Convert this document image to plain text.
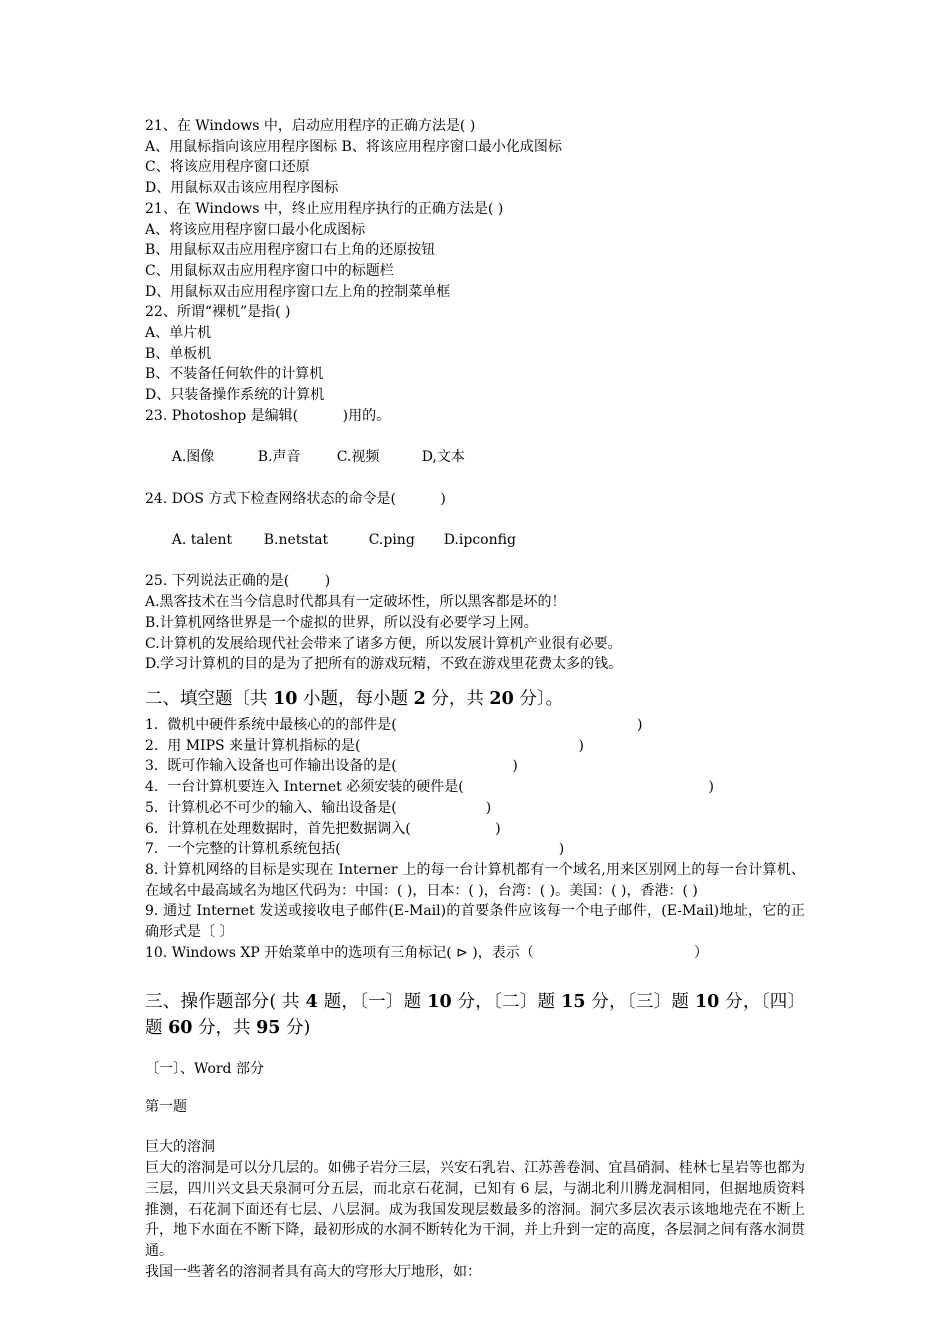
21、在 Windows 中，启动应用程序的正确方法是( )
A、用鼠标指向该应用程序图标 B、将该应用程序窗口最小化成图标
C、将该应用程序窗口还原
D、用鼠标双击该应用程序图标
21、在 Windows 中，终止应用程序执行的正确方法是( )
A、将该应用程序窗口最小化成图标
B、用鼠标双击应用程序窗口右上角的还原按钮
C、用鼠标双击应用程序窗口中的标题栏
D、用鼠标双击应用程序窗口左上角的控制菜单框
22、所谓“裸机”是指( )
A、单片机
B、单板机
B、不装备任何软件的计算机
D、只装备操作系统的计算机
23. Photoshop 是编辑(          )用的。

A.图像	B.声音	C.视频	D,文本

24. DOS 方式下检查网络状态的命令是(          )

A. talent B.netstat	C.ping D.ipconfig

25. 下列说法正确的是(        )
A.黑客技术在当今信息时代都具有一定破坏性，所以黑客都是坏的！
B.计算机网络世界是一个虚拟的世界，所以没有必要学习上网。
C.计算机的发展给现代社会带来了诸多方便，所以发展计算机产业很有必要。
D.学习计算机的目的是为了把所有的游戏玩精，不致在游戏里花费太多的钱。
二、填空题〔共 10 小题，每小题 2 分，共 20 分〕。
1.  微机中硬件系统中最核心的的部件是(                                                      )
2.  用 MIPS 来量计算机指标的是(                                                 )
3.  既可作输入设备也可作输出设备的是(                          )
4.  一台计算机要连入 Internet 必须安装的硬件是(                                                       )
5.  计算机必不可少的输入、输出设备是(                    )
6.  计算机在处理数据时，首先把数据调入(                   )
7.  一个完整的计算机系统包括(                                                 )
8. 计算机网络的目标是实现在 Interner 上的每一台计算机都有一个域名,用来区别网上的每一台计算机、在域名中最高域名为地区代码为：中国：( )，日本：( )，台湾：( )。美国：( )，香港：( )
9. 通过 Internet 发送或接收电子邮件(E-Mail)的首要条件应该每一个电子邮件，(E-Mail)地址，它的正确形式是〔 〕
10. Windows XP 开始菜单中的选项有三角标记( ⊳ )，表示（                                    ）
三、操作题部分( 共 4 题，〔一〕题 10 分，〔二〕题 15 分，〔三〕题 10 分，〔四〕题 60 分，共 95 分)
〔一〕、Word 部分
第一题
巨大的溶洞
巨大的溶洞是可以分几层的。如佛子岩分三层，兴安石乳岩、江苏善卷洞、宜昌硝洞、桂林七星岩等也都为三层，四川兴文县天泉洞可分五层，而北京石花洞，已知有 6 层，与湖北利川腾龙洞相同，但据地质资料推测，石花洞下面还有七层、八层洞。成为我国发现层数最多的溶洞。洞穴多层次表示该地地壳在不断上升，地下水面在不断下降，最初形成的水洞不断转化为干洞，并上升到一定的高度，各层洞之间有落水洞贯通。
我国一些著名的溶洞者具有高大的穹形大厅地形，如：
